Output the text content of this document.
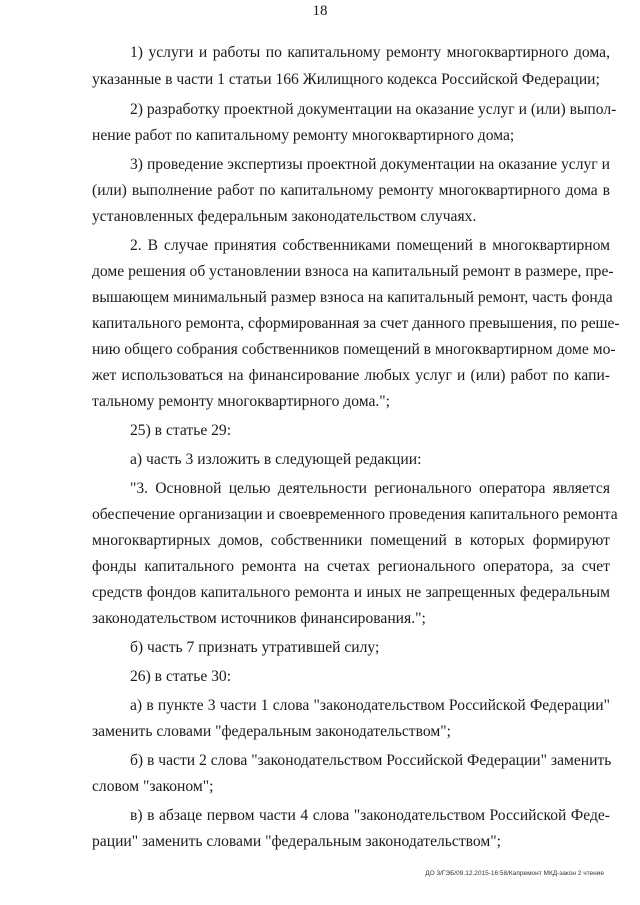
18
1) услуги и работы по капитальному ремонту многоквартирного дома,
указанные в части 1 статьи 166 Жилищного кодекса Российской Федерации;
2) разработку проектной документации на оказание услуг и (или) выпол-
нение работ по капитальному ремонту многоквартирного дома;
3) проведение экспертизы проектной документации на оказание услуг и
(или) выполнение работ по капитальному ремонту многоквартирного дома в
установленных федеральным законодательством случаях.
2. В случае принятия собственниками помещений в многоквартирном
доме решения об установлении взноса на капитальный ремонт в размере, пре-
вышающем минимальный размер взноса на капитальный ремонт, часть фонда
капитального ремонта, сформированная за счет данного превышения, по реше-
нию общего собрания собственников помещений в многоквартирном доме мо-
жет использоваться на финансирование любых услуг и (или) работ по капи-
тальному ремонту многоквартирного дома.";
25) в статье 29:
а) часть 3 изложить в следующей редакции:
"3. Основной целью деятельности регионального оператора является
обеспечение организации и своевременного проведения капитального ремонта
многоквартирных домов, собственники помещений в которых формируют
фонды капитального ремонта на счетах регионального оператора, за счет
средств фондов капитального ремонта и иных не запрещенных федеральным
законодательством источников финансирования.";
б) часть 7 признать утратившей силу;
26) в статье 30:
а) в пункте 3 части 1 слова "законодательством Российской Федерации"
заменить словами "федеральным законодательством";
б) в части 2 слова "законодательством Российской Федерации" заменить
словом "законом";
в) в абзаце первом части 4 слова "законодательством Российской Феде-
рации" заменить словами "федеральным законодательством";
ДО 3/ГЭБ/09.12.2015-16:58/Капремонт МКД-закон 2 чтение
